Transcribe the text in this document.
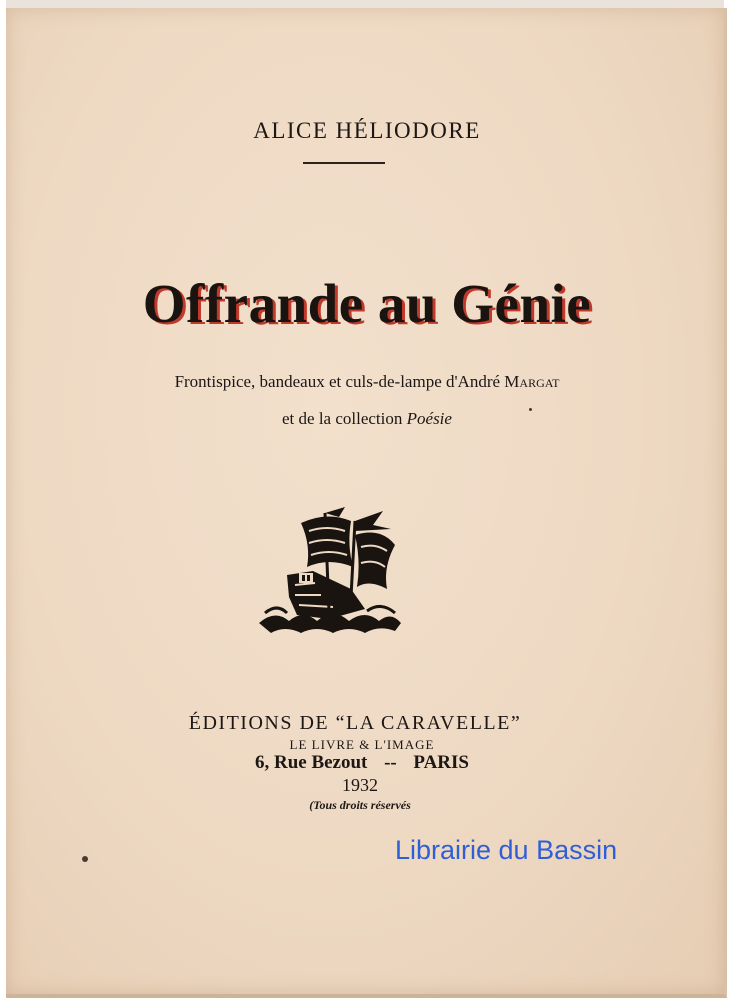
ALICE HÉLIODORE
Offrande au Génie
Frontispice, bandeaux et culs-de-lampe d'André Margat
et de la collection Poésie
ÉDITIONS DE “LA CARAVELLE”
LE LIVRE & L'IMAGE
6, Rue Bezout -- PARIS
1932
(Tous droits réservés
Librairie du Bassin
